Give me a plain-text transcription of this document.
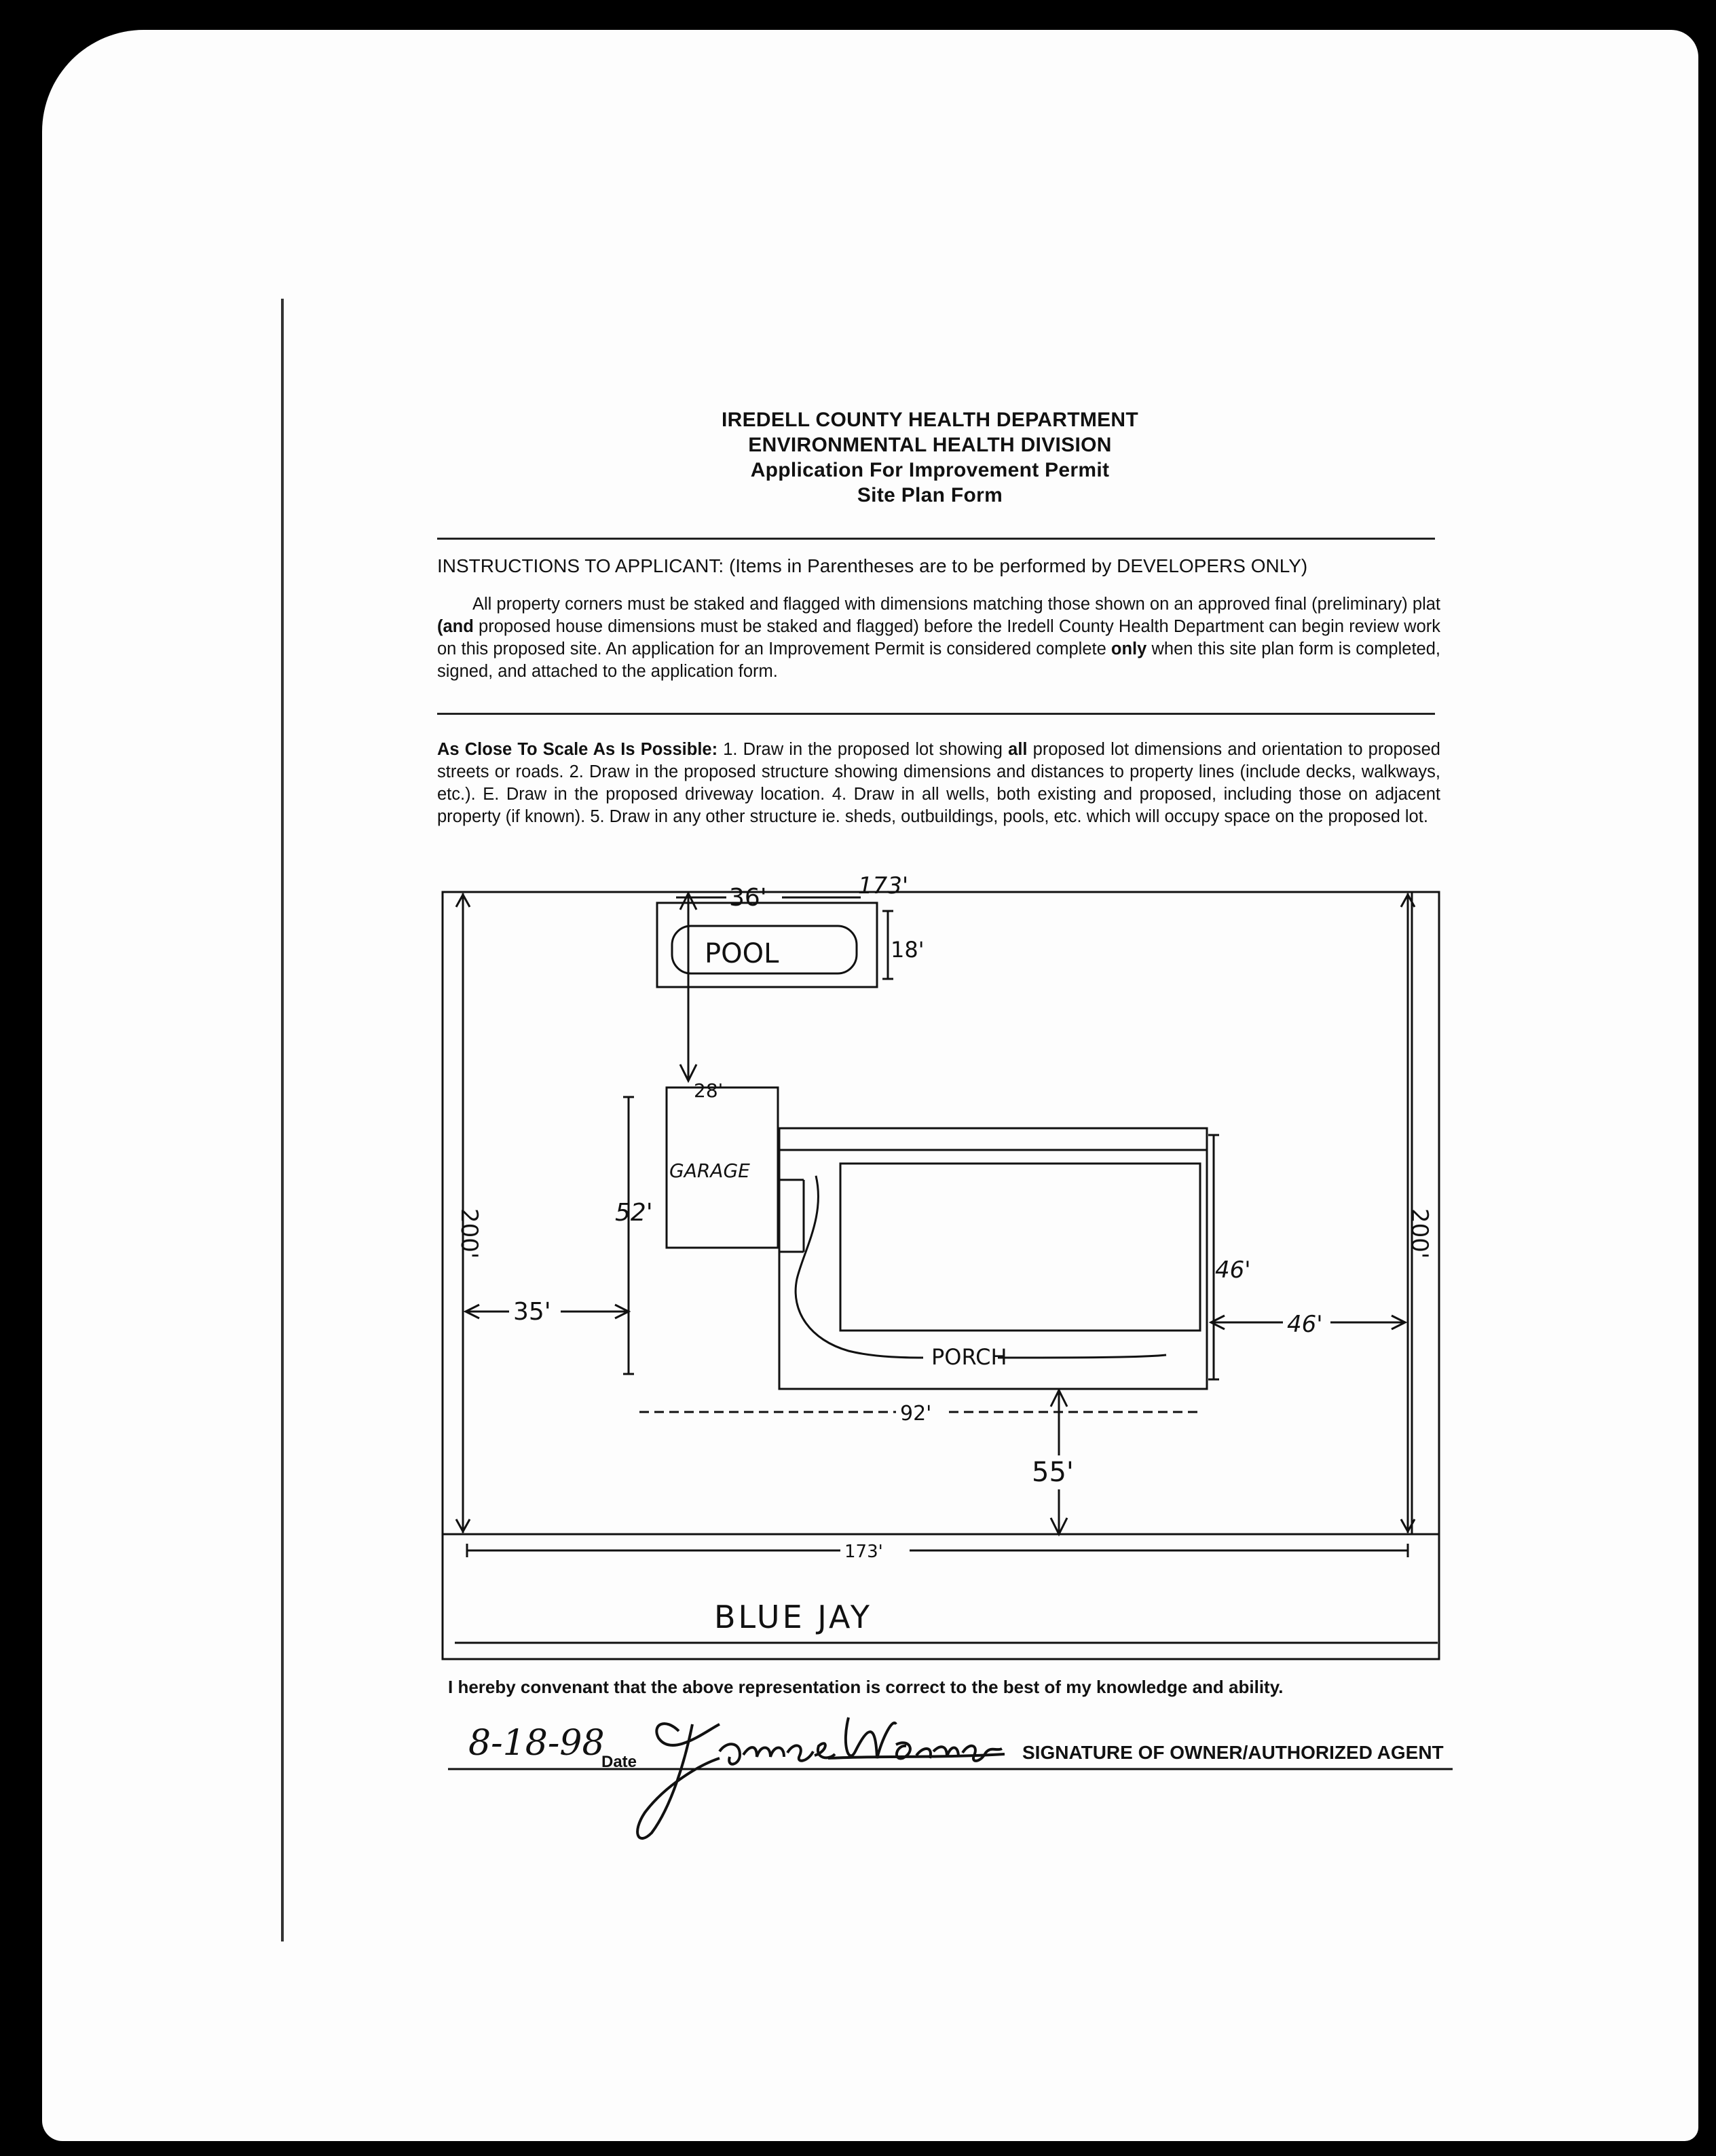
IREDELL COUNTY HEALTH DEPARTMENT
ENVIRONMENTAL HEALTH DIVISION
Application For Improvement Permit
Site Plan Form
INSTRUCTIONS TO APPLICANT: (Items in Parentheses are to be performed by DEVELOPERS ONLY)
All property corners must be staked and flagged with dimensions matching those shown on an approved final (preliminary) plat (and proposed house dimensions must be staked and flagged) before the Iredell County Health Department can begin review work on this proposed site. An application for an Improvement Permit is considered complete only when this site plan form is completed, signed, and attached to the application form.
As Close To Scale As Is Possible: 1. Draw in the proposed lot showing all proposed lot dimensions and orientation to proposed streets or roads. 2. Draw in the proposed structure showing dimensions and distances to property lines (include decks, walkways, etc.). E. Draw in the proposed driveway location. 4. Draw in all wells, both existing and proposed, including those on adjacent property (if known). 5. Draw in any other structure ie. sheds, outbuildings, pools, etc. which will occupy space on the proposed lot.
173'
173'
200'	200'
36'
18'
POOL
28'
GARAGE
52'
35'
46'
46'
PORCH
92'
55'
BLUE JAY
I hereby convenant that the above representation is correct to the best of my knowledge and ability.
8-18-98
Date	SIGNATURE OF OWNER/AUTHORIZED AGENT
